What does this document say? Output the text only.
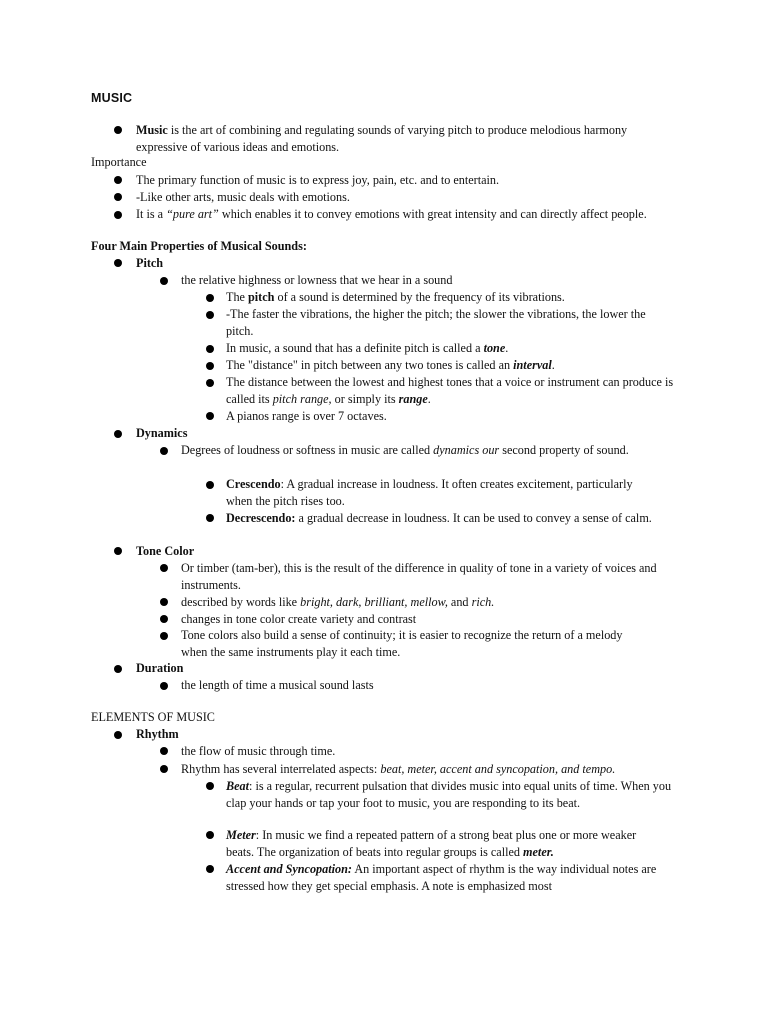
MUSIC
Music is the art of combining and regulating sounds of varying pitch to produce melodious harmony expressive of various ideas and emotions.
Importance
The primary function of music is to express joy, pain, etc. and to entertain.
-Like other arts, music deals with emotions.
It is a “pure art” which enables it to convey emotions with great intensity and can directly affect people.
Four Main Properties of Musical Sounds:
Pitch
the relative highness or lowness that we hear in a sound
The pitch of a sound is determined by the frequency of its vibrations.
-The faster the vibrations, the higher the pitch; the slower the vibrations, the lower the pitch.
In music, a sound that has a definite pitch is called a tone.
The "distance" in pitch between any two tones is called an interval.
The distance between the lowest and highest tones that a voice or instrument can produce is called its pitch range, or simply its range.
A pianos range is over 7 octaves.
Dynamics
Degrees of loudness or softness in music are called dynamics our second property of sound.
Crescendo: A gradual increase in loudness. It often creates excitement, particularly when the pitch rises too.
Decrescendo: a gradual decrease in loudness. It can be used to convey a sense of calm.
Tone Color
Or timber (tam-ber), this is the result of the difference in quality of tone in a variety of voices and instruments.
described by words like bright, dark, brilliant, mellow, and rich.
changes in tone color create variety and contrast
Tone colors also build a sense of continuity; it is easier to recognize the return of a melody when the same instruments play it each time.
Duration
the length of time a musical sound lasts
ELEMENTS OF MUSIC
Rhythm
the flow of music through time.
Rhythm has several interrelated aspects: beat, meter, accent and syncopation, and tempo.
Beat: is a regular, recurrent pulsation that divides music into equal units of time. When you clap your hands or tap your foot to music, you are responding to its beat.
Meter: In music we find a repeated pattern of a strong beat plus one or more weaker beats. The organization of beats into regular groups is called meter.
Accent and Syncopation: An important aspect of rhythm is the way individual notes are stressed how they get special emphasis. A note is emphasized most
